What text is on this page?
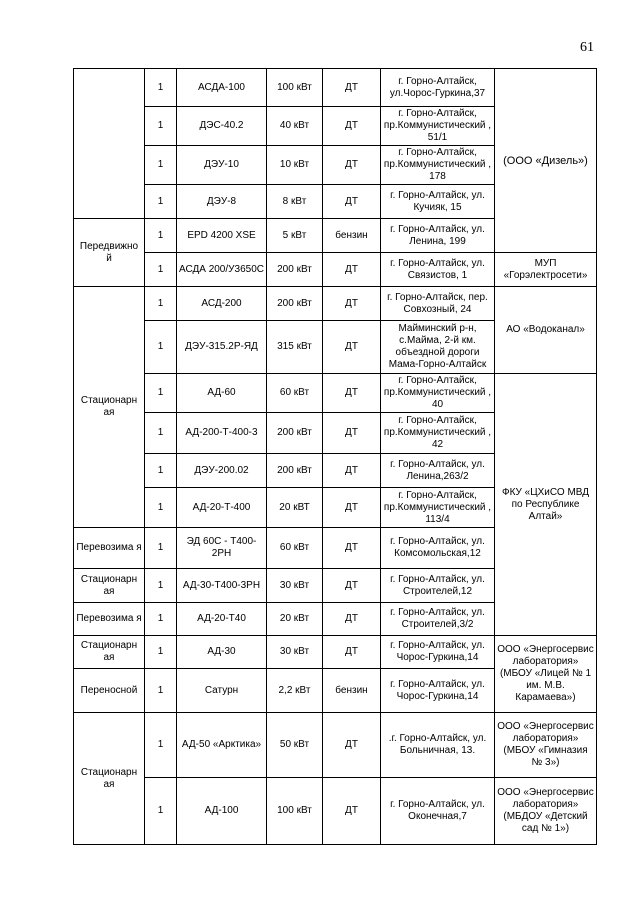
61
	1	АСДА-100	100 кВт	ДТ	г. Горно-Алтайск, ул.Чорос-Гуркина,37	(ООО «Дизель»)
	1	ДЭС-40.2	40 кВт	ДТ	г. Горно-Алтайск, пр.Коммунистический , 51/1	
	1	ДЭУ-10	10 кВт	ДТ	г. Горно-Алтайск, пр.Коммунистический , 178	
	1	ДЭУ-8	8 кВт	ДТ	г. Горно-Алтайск, ул. Кучияк, 15	
Передвижно й	1	EPD 4200 XSE	5 кВт	бензин	г. Горно-Алтайск, ул. Ленина, 199	
	1	АСДА 200/У3650С	200 кВт	ДТ	г. Горно-Алтайск, ул. Связистов, 1	МУП «Горэлектросети»
Стационарн ая	1	АСД-200	200 кВт	ДТ	г. Горно-Алтайск, пер. Совхозный, 24	АО «Водоканал»
	1	ДЭУ-315.2Р-ЯД	315 кВт	ДТ	Майминский р-н, с.Майма, 2-й км. объездной дороги Мама-Горно-Алтайск	
	1	АД-60	60 кВт	ДТ	г. Горно-Алтайск, пр.Коммунистический , 40	ФКУ «ЦХиСО МВД по Республике Алтай»
	1	АД-200-Т-400-3	200 кВт	ДТ	г. Горно-Алтайск, пр.Коммунистический , 42	
	1	ДЭУ-200.02	200 кВт	ДТ	г. Горно-Алтайск, ул. Ленина,263/2	
	1	АД-20-Т-400	20 кВТ	ДТ	г. Горно-Алтайск, пр.Коммунистический , 113/4	
Перевозима я	1	ЭД 60С - Т400-2РН	60 кВт	ДТ	г. Горно-Алтайск, ул. Комсомольская,12	
Стационарн ая	1	АД-30-Т400-3РН	30 кВт	ДТ	г. Горно-Алтайск, ул. Строителей,12	
Перевозима я	1	АД-20-Т40	20 кВт	ДТ	г. Горно-Алтайск, ул. Строителей,3/2	
Стационарн ая	1	АД-30	30 кВт	ДТ	г. Горно-Алтайск, ул. Чорос-Гуркина,14	ООО «Энергосервис лаборатория» (МБОУ «Лицей № 1 им. М.В. Карамаева»)
Переносной	1	Сатурн	2,2 кВт	бензин	г. Горно-Алтайск, ул. Чорос-Гуркина,14	
Стационарн ая	1	АД-50 «Арктика»	50 кВт	ДТ	.г. Горно-Алтайск, ул. Больничная, 13.	ООО «Энергосервис лаборатория» (МБОУ «Гимназия № 3»)
	1	АД-100	100 кВт	ДТ	г. Горно-Алтайск, ул. Оконечная,7	ООО «Энергосервис лаборатория» (МБДОУ «Детский сад № 1»)
